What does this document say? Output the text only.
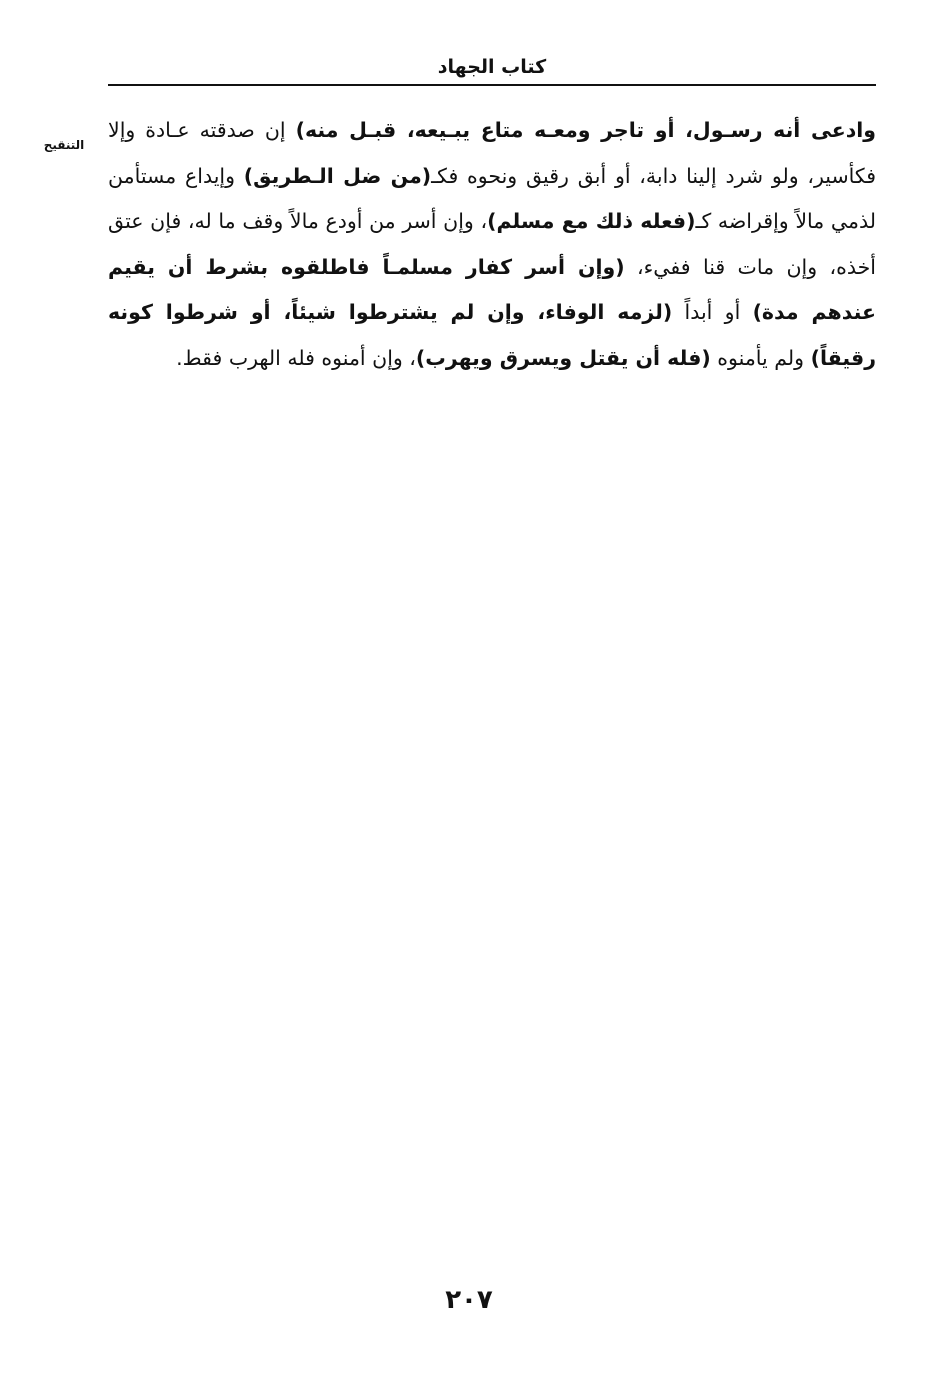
كتاب الجهاد
التنقيح

وادعى أنه رسـول، أو تاجر ومعـه متاع يبـيعه، قبـل منه) إن صدقته عـادة وإلا فكأسير، ولو شرد إلينا دابة، أو أبق رقيق ونحوه فكـ(من ضل الـطريق) وإيداع مستأمن لذمي مالاً وإقراضه كـ(فعله ذلك مع مسلم)، وإن أسر من أودع مالاً وقف ما له، فإن عتق أخذه، وإن مات قنا ففيء، (وإن أسر كفار مسلمـاً فاطلقوه بشرط أن يقيم عندهم مدة) أو أبداً (لزمه الوفاء، وإن لم يشترطوا شيئاً، أو شرطوا كونه رقيقاً) ولم يأمنوه (فله أن يقتل ويسرق ويهرب)، وإن أمنوه فله الهرب فقط.

٢٠٧
